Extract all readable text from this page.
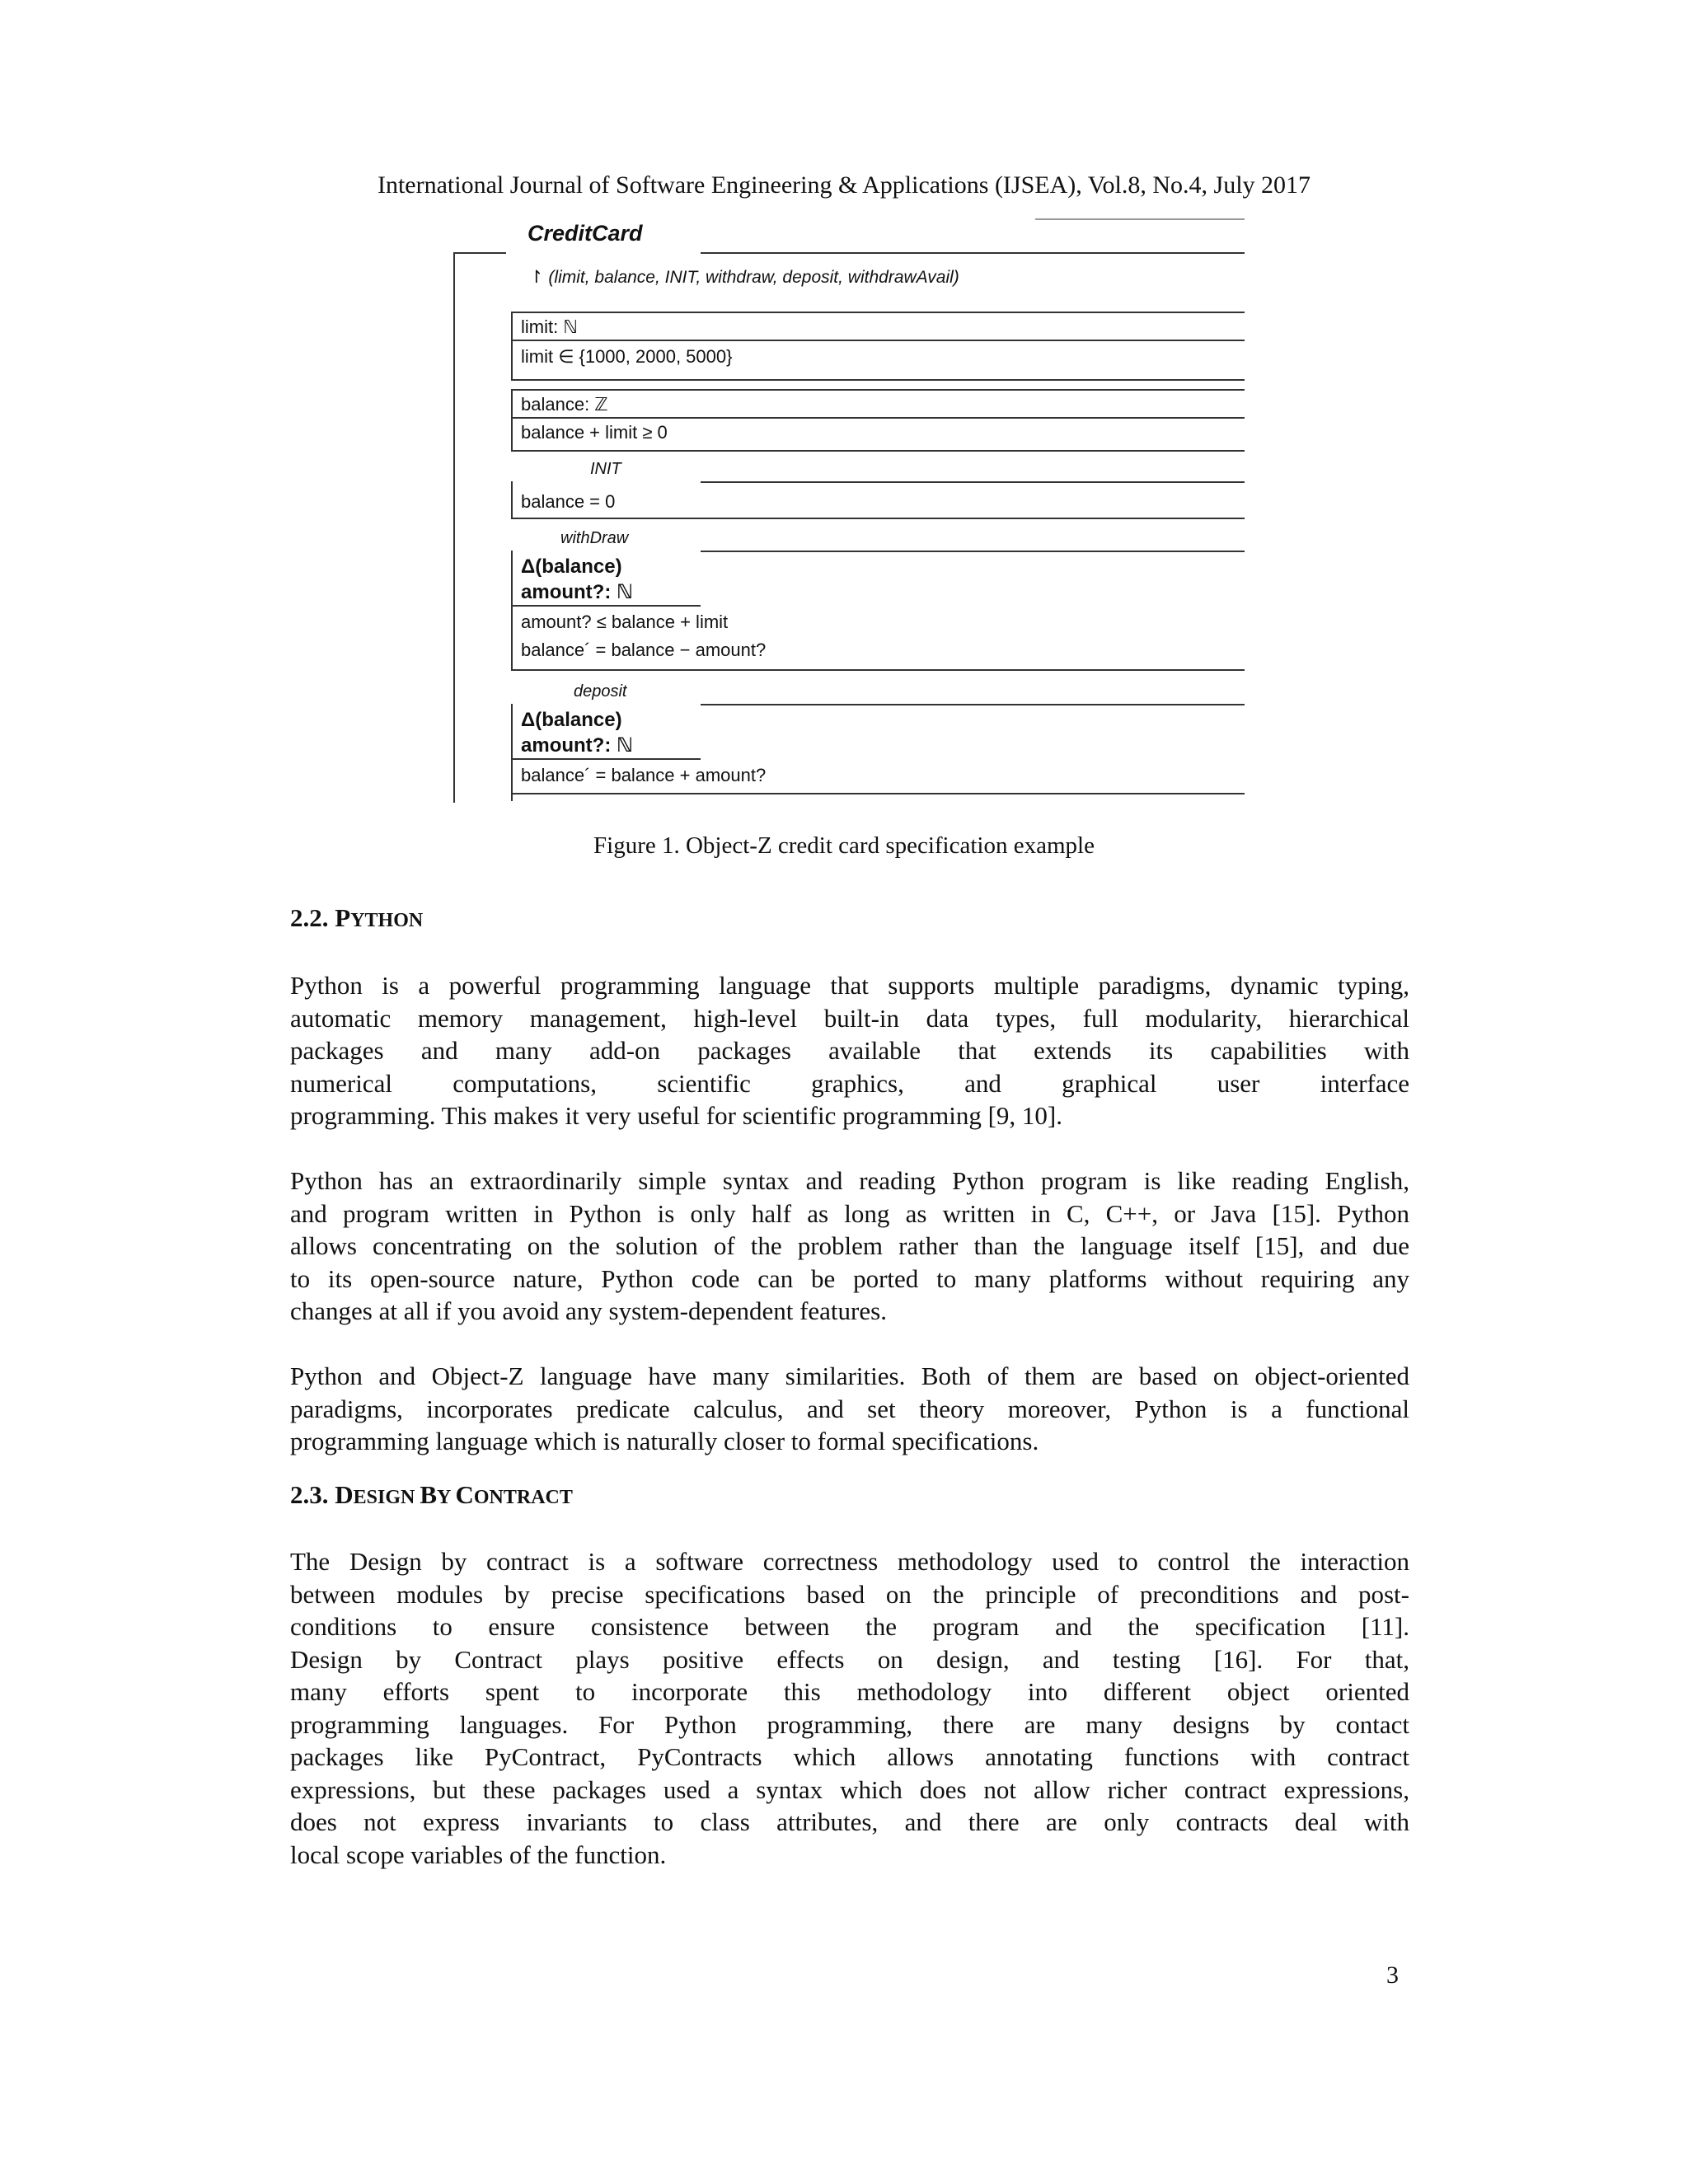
International Journal of Software Engineering & Applications (IJSEA), Vol.8, No.4, July 2017
CreditCard
↾ (limit, balance, INIT, withdraw, deposit, withdrawAvail)
limit: ℕ
limit ∈ {1000, 2000, 5000}
balance: ℤ
balance + limit ≥ 0
INIT
balance = 0
withDraw
Δ(balance)
amount?: ℕ
amount? ≤ balance + limit
balance´ = balance − amount?
deposit
Δ(balance)
amount?: ℕ
balance´ = balance + amount?
Figure 1. Object-Z credit card specification example
2.2. PYTHON
Python is a powerful programming language that supports multiple paradigms, dynamic typing,
automatic memory management, high-level built-in data types, full modularity, hierarchical
packages and many add-on packages available that extends its capabilities with
numerical computations, scientific graphics, and graphical user interface
programming. This makes it very useful for scientific programming [9, 10].
Python has an extraordinarily simple syntax and reading Python program is like reading English,
and program written in Python is only half as long as written in C, C++, or Java [15]. Python
allows concentrating on the solution of the problem rather than the language itself [15], and due
to its open-source nature, Python code can be ported to many platforms without requiring any
changes at all if you avoid any system-dependent features.
Python and Object-Z language have many similarities. Both of them are based on object-oriented
paradigms, incorporates predicate calculus, and set theory moreover, Python is a functional
programming language which is naturally closer to formal specifications.
2.3. DESIGN BY CONTRACT
The Design by contract is a software correctness methodology used to control the interaction
between modules by precise specifications based on the principle of preconditions and post-
conditions to ensure consistence between the program and the specification [11].
Design by Contract plays positive effects on design, and testing [16]. For that,
many efforts spent to incorporate this methodology into different object oriented
programming languages. For Python programming, there are many designs by contact
packages like PyContract, PyContracts which allows annotating functions with contract
expressions, but these packages used a syntax which does not allow richer contract expressions,
does not express invariants to class attributes, and there are only contracts deal with
local scope variables of the function.
3
